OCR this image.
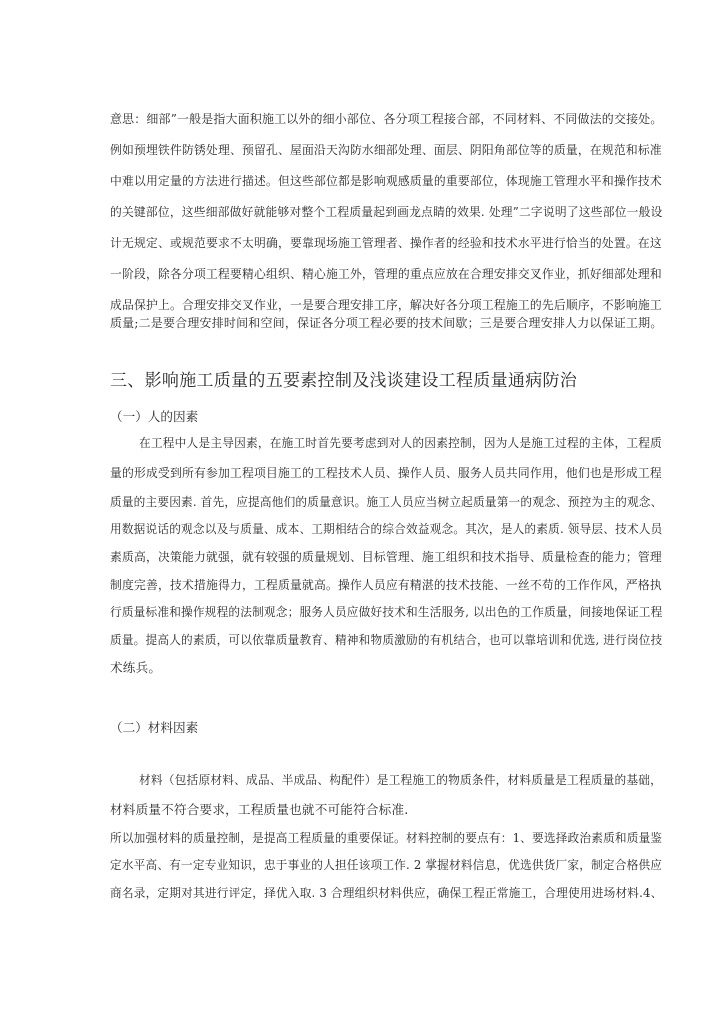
意思：细部”一般是指大面积施工以外的细小部位、各分项工程接合部，不同材料、不同做法的交接处。
例如预埋铁件防锈处理、预留孔、屋面沿天沟防水细部处理、面层、阴阳角部位等的质量，在规范和标准
中难以用定量的方法进行描述。但这些部位都是影响观感质量的重要部位，体现施工管理水平和操作技术
的关键部位，这些细部做好就能够对整个工程质量起到画龙点睛的效果. 处理”二字说明了这些部位一般设
计无规定、或规范要求不太明确，要靠现场施工管理者、操作者的经验和技术水平进行恰当的处置。在这
一阶段，除各分项工程要精心组织、精心施工外，管理的重点应放在合理安排交叉作业，抓好细部处理和
成品保护上。合理安排交叉作业，一是要合理安排工序，解决好各分项工程施工的先后顺序，不影响施工
质量;二是要合理安排时间和空间，保证各分项工程必要的技术间歇；三是要合理安排人力以保证工期。
三、影响施工质量的五要素控制及浅谈建设工程质量通病防治
（一）人的因素
在工程中人是主导因素，在施工时首先要考虑到对人的因素控制，因为人是施工过程的主体，工程质
量的形成受到所有参加工程项目施工的工程技术人员、操作人员、服务人员共同作用，他们也是形成工程
质量的主要因素. 首先，应提高他们的质量意识。施工人员应当树立起质量第一的观念、预控为主的观念、
用数据说话的观念以及与质量、成本、工期相结合的综合效益观念。其次，是人的素质. 领导层、技术人员
素质高，决策能力就强，就有较强的质量规划、目标管理、施工组织和技术指导、质量检查的能力；管理
制度完善，技术措施得力，工程质量就高。操作人员应有精湛的技术技能、一丝不苟的工作作风，严格执
行质量标准和操作规程的法制观念；服务人员应做好技术和生活服务, 以出色的工作质量，间接地保证工程
质量。提高人的素质，可以依靠质量教育、精神和物质激励的有机结合，也可以靠培训和优选, 进行岗位技
术练兵。
（二）材料因素
材料（包括原材料、成品、半成品、构配件）是工程施工的物质条件，材料质量是工程质量的基础，
材料质量不符合要求，工程质量也就不可能符合标准.
所以加强材料的质量控制，是提高工程质量的重要保证。材料控制的要点有：1、要选择政治素质和质量鉴
定水平高、有一定专业知识，忠于事业的人担任该项工作. 2 掌握材料信息，优选供货厂家，制定合格供应
商名录，定期对其进行评定，择优入取. 3 合理组织材料供应，确保工程正常施工，合理使用进场材料.4、
